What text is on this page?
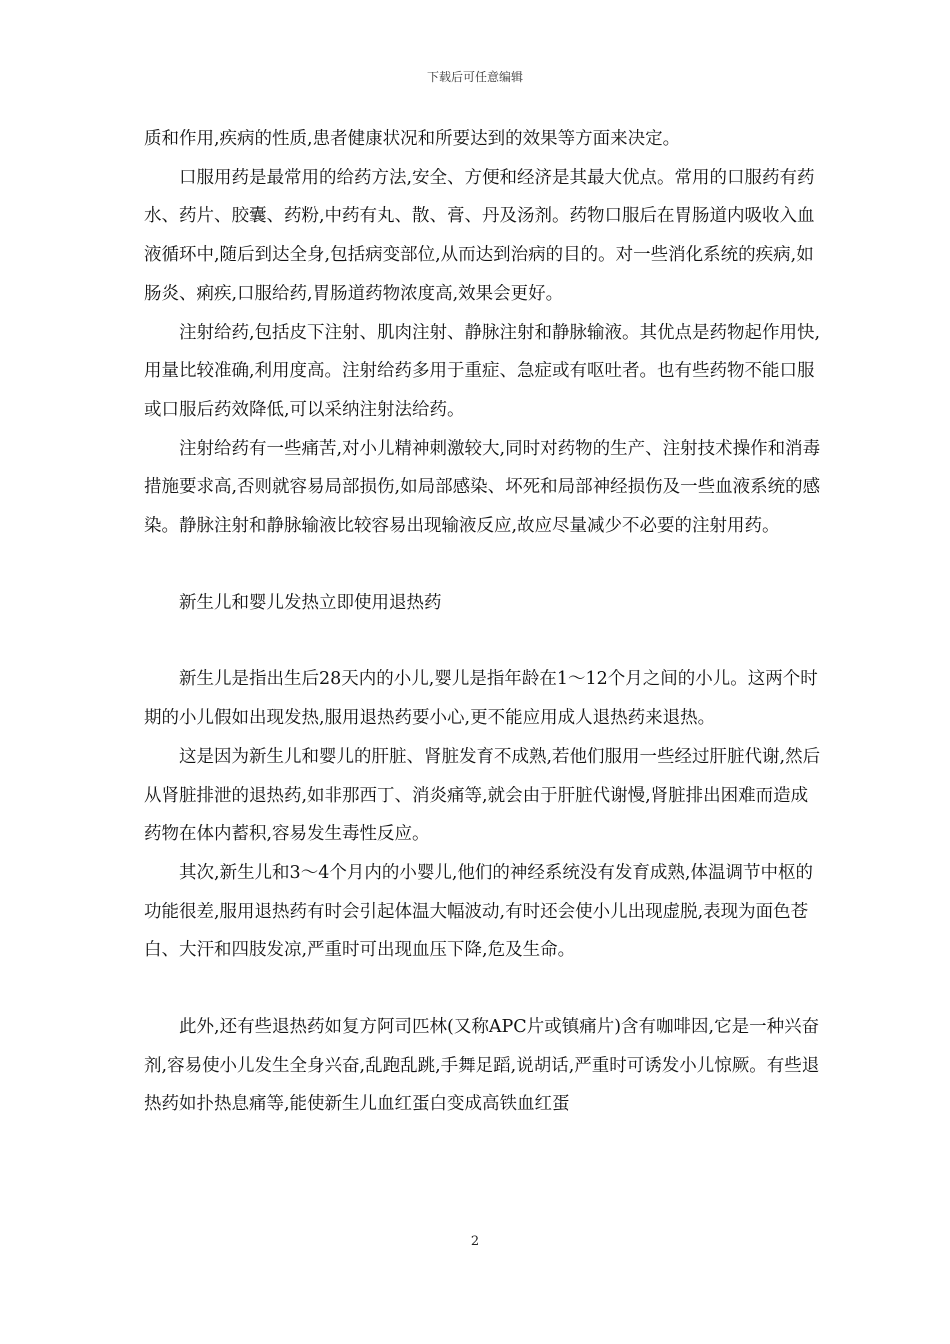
下载后可任意编辑

质和作用,疾病的性质,患者健康状况和所要达到的效果等方面来决定。

口服用药是最常用的给药方法,安全、方便和经济是其最大优点。常用的口服药有药水、药片、胶囊、药粉,中药有丸、散、膏、丹及汤剂。药物口服后在胃肠道内吸收入血液循环中,随后到达全身,包括病变部位,从而达到治病的目的。对一些消化系统的疾病,如肠炎、痢疾,口服给药,胃肠道药物浓度高,效果会更好。

注射给药,包括皮下注射、肌肉注射、静脉注射和静脉输液。其优点是药物起作用快,用量比较准确,利用度高。注射给药多用于重症、急症或有呕吐者。也有些药物不能口服或口服后药效降低,可以采纳注射法给药。

注射给药有一些痛苦,对小儿精神刺激较大,同时对药物的生产、注射技术操作和消毒措施要求高,否则就容易局部损伤,如局部感染、坏死和局部神经损伤及一些血液系统的感染。静脉注射和静脉输液比较容易出现输液反应,故应尽量减少不必要的注射用药。

新生儿和婴儿发热立即使用退热药

新生儿是指出生后28天内的小儿,婴儿是指年龄在1～12个月之间的小儿。这两个时期的小儿假如出现发热,服用退热药要小心,更不能应用成人退热药来退热。

这是因为新生儿和婴儿的肝脏、肾脏发育不成熟,若他们服用一些经过肝脏代谢,然后从肾脏排泄的退热药,如非那西丁、消炎痛等,就会由于肝脏代谢慢,肾脏排出困难而造成药物在体内蓄积,容易发生毒性反应。

其次,新生儿和3～4个月内的小婴儿,他们的神经系统没有发育成熟,体温调节中枢的功能很差,服用退热药有时会引起体温大幅波动,有时还会使小儿出现虚脱,表现为面色苍白、大汗和四肢发凉,严重时可出现血压下降,危及生命。

此外,还有些退热药如复方阿司匹林(又称APC片或镇痛片)含有咖啡因,它是一种兴奋剂,容易使小儿发生全身兴奋,乱跑乱跳,手舞足蹈,说胡话,严重时可诱发小儿惊厥。有些退热药如扑热息痛等,能使新生儿血红蛋白变成高铁血红蛋

2
